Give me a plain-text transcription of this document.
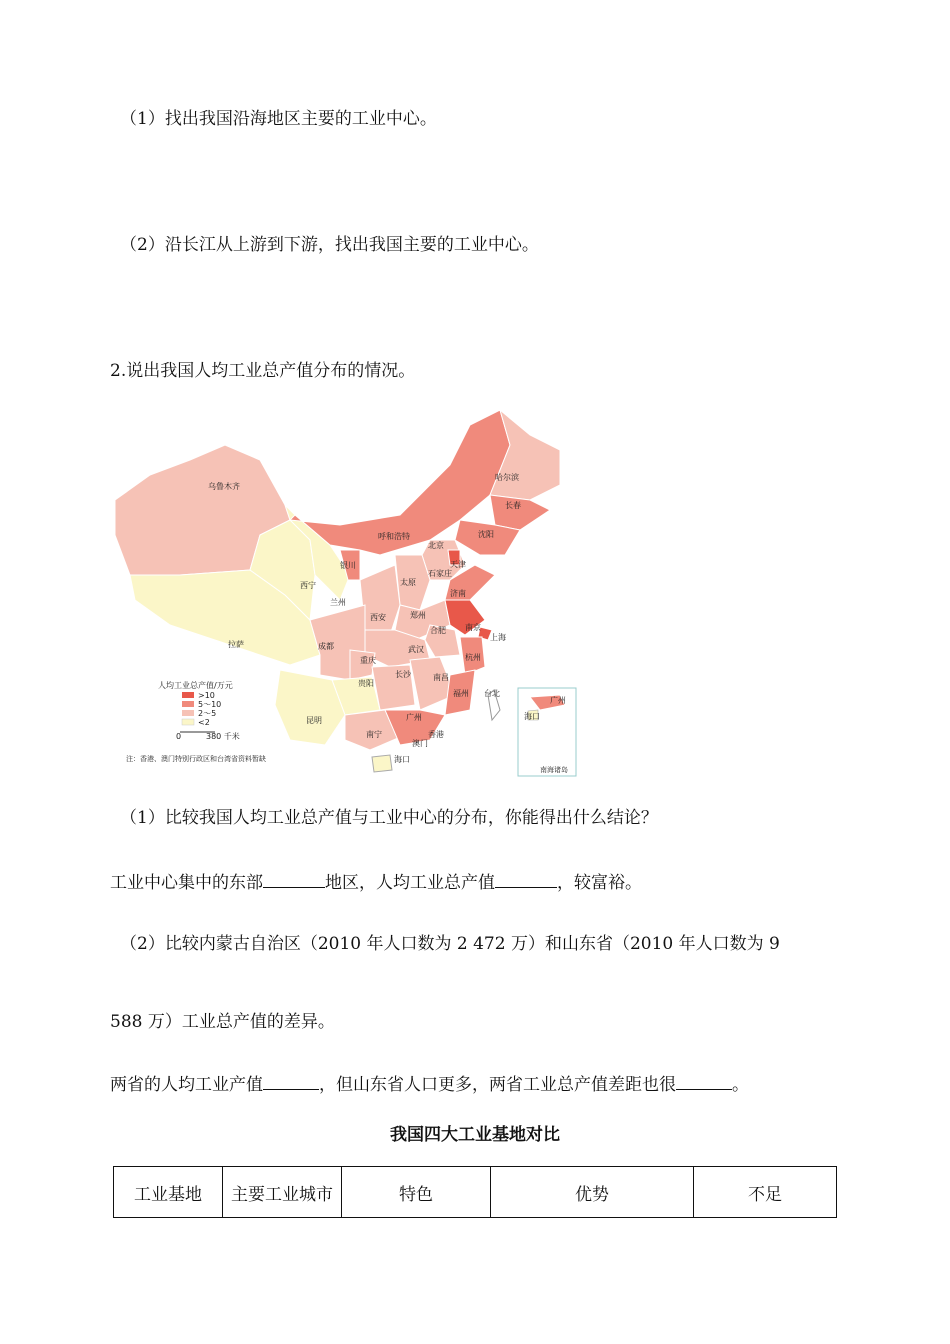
（1）找出我国沿海地区主要的工业中心。
（2）沿长江从上游到下游，找出我国主要的工业中心。
2.说出我国人均工业总产值分布的情况。
广州
海口
南海诸岛
乌鲁木齐
哈尔滨
长春
呼和浩特	沈阳
北京
天津
银川
石家庄
太原
西宁
兰州
济南
郑州
西安
拉萨
南京
上海
合肥
成都	武汉
重庆	杭州
长沙	南昌
贵阳
福州 台北
昆明	广州
南宁	香港
澳门
海口
人均工业总产值/万元
>10
5～10
2～5
<2
0	380 千米
注：香港、澳门特别行政区和台湾省资料暂缺
（1）比较我国人均工业总产值与工业中心的分布，你能得出什么结论？
工业中心集中的东部	地区，人均工业总产值	，较富裕。
（2）比较内蒙古自治区（2010 年人口数为 2 472 万）和山东省（2010 年人口数为 9
588 万）工业总产值的差异。
两省的人均工业产值	，但山东省人口更多，两省工业总产值差距也很	。
我国四大工业基地对比
工业基地	主要工业城市	特色	优势	不足
